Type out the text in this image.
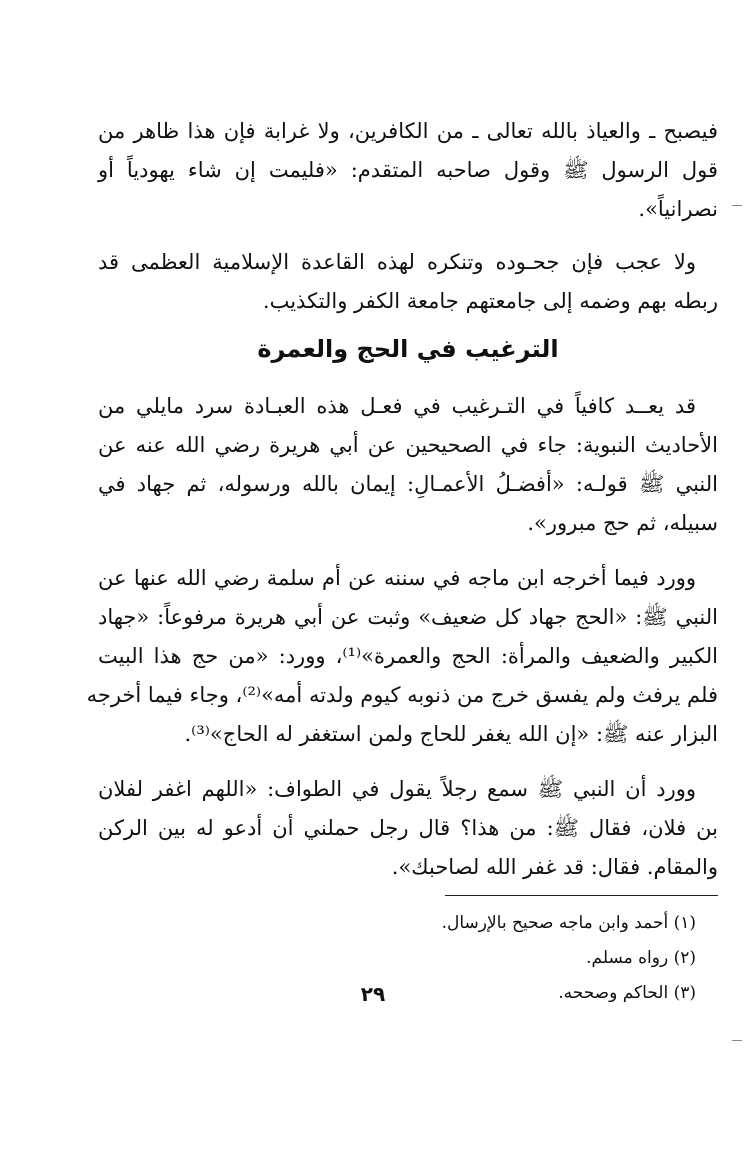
فيصبح ـ والعياذ بالله تعالى ـ من الكافرين، ولا غرابة فإن هذا ظاهر من
قول الرسول ﷺ وقول صاحبه المتقدم: «فليمت إن شاء يهودياً أو
نصرانياً».

ولا عجب فإن جحـوده وتنكره لهذه القاعدة الإسلامية العظمى قد
ربطه بهم وضمه إلى جامعتهم جامعة الكفر والتكذيب.

الترغيب في الحج والعمرة

قد يعــد كافياً في التـرغيب في فعـل هذه العبـادة سرد مايلي من
الأحاديث النبوية: جاء في الصحيحين عن أبي هريرة رضي الله عنه عن
النبي ﷺ قولـه: «أفضـلُ الأعمـالِ: إيمان بالله ورسوله، ثم جهاد في
سبيله، ثم حج مبرور».

وورد فيما أخرجه ابن ماجه في سننه عن أم سلمة رضي الله عنها عن
النبي ﷺ: «الحج جهاد كل ضعيف» وثبت عن أبي هريرة مرفوعاً: «جهاد
الكبير والضعيف والمرأة: الحج والعمرة»⁽¹⁾، وورد: «من حج هذا البيت
فلم يرفث ولم يفسق خرج من ذنوبه كيوم ولدته أمه»⁽²⁾، وجاء فيما أخرجه
البزار عنه ﷺ: «إن الله يغفر للحاج ولمن استغفر له الحاج»⁽³⁾.

وورد أن النبي ﷺ سمع رجلاً يقول في الطواف: «اللهم اغفر لفلان
بن فلان، فقال ﷺ: من هذا؟ قال رجل حملني أن أدعو له بين الركن
والمقام. فقال: قد غفر الله لصاحبك».

(١) أحمد وابن ماجه صحيح بالإرسال.
(٢) رواه مسلم.
(٣) الحاكم وصححه.
٢٩
